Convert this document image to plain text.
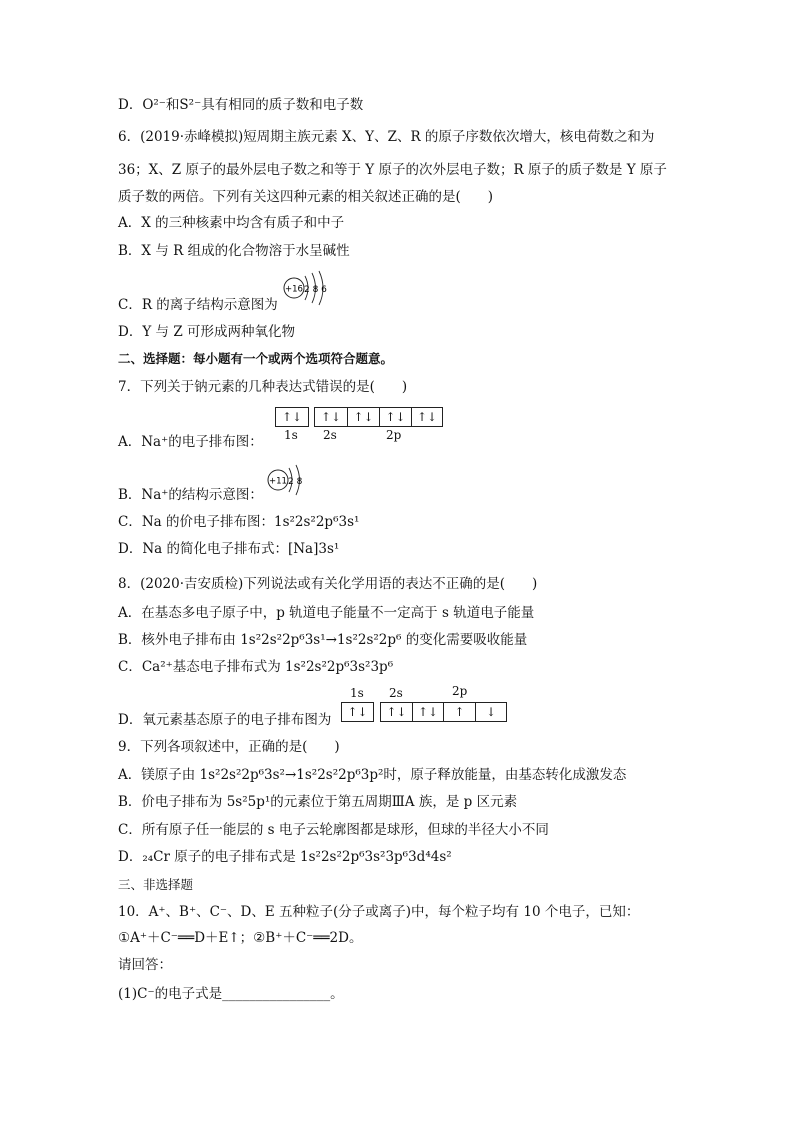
D．O²⁻和S²⁻具有相同的质子数和电子数
6．(2019·赤峰模拟)短周期主族元素 X、Y、Z、R 的原子序数依次增大，核电荷数之和为
36；X、Z 原子的最外层电子数之和等于 Y 原子的次外层电子数；R 原子的质子数是 Y 原子
质子数的两倍。下列有关这四种元素的相关叙述正确的是(　　)
A．X 的三种核素中均含有质子和中子
B．X 与 R 组成的化合物溶于水呈碱性
+16 2 8 6
C．R 的离子结构示意图为
D．Y 与 Z 可形成两种氧化物
二、选择题：每小题有一个或两个选项符合题意。
7．下列关于钠元素的几种表达式错误的是(　　)
↑↓	↑↓	↑↓ ↑↓ ↑↓
1s 2s	2p
A．Na⁺的电子排布图：
+11 2 8
B．Na⁺的结构示意图：
C．Na 的价电子排布图：1s²2s²2p⁶3s¹
D．Na 的简化电子排布式：[Na]3s¹
8．(2020·吉安质检)下列说法或有关化学用语的表达不正确的是(　　)
A．在基态多电子原子中，p 轨道电子能量不一定高于 s 轨道电子能量
B．核外电子排布由 1s²2s²2p⁶3s¹→1s²2s²2p⁶ 的变化需要吸收能量
C．Ca²⁺基态电子排布式为 1s²2s²2p⁶3s²3p⁶
1s 2s	2p
↑↓	↑↓ ↑↓	↑	↓
D．氧元素基态原子的电子排布图为
9．下列各项叙述中，正确的是(　　)
A．镁原子由 1s²2s²2p⁶3s²→1s²2s²2p⁶3p²时，原子释放能量，由基态转化成激发态
B．价电子排布为 5s²5p¹的元素位于第五周期ⅢA 族，是 p 区元素
C．所有原子任一能层的 s 电子云轮廓图都是球形，但球的半径大小不同
D．₂₄Cr 原子的电子排布式是 1s²2s²2p⁶3s²3p⁶3d⁴4s²
三、非选择题
10．A⁺、B⁺、C⁻、D、E 五种粒子(分子或离子)中，每个粒子均有 10 个电子，已知：
①A⁺＋C⁻══D＋E↑；②B⁺＋C⁻══2D。
请回答：
(1)C⁻的电子式是________________。
